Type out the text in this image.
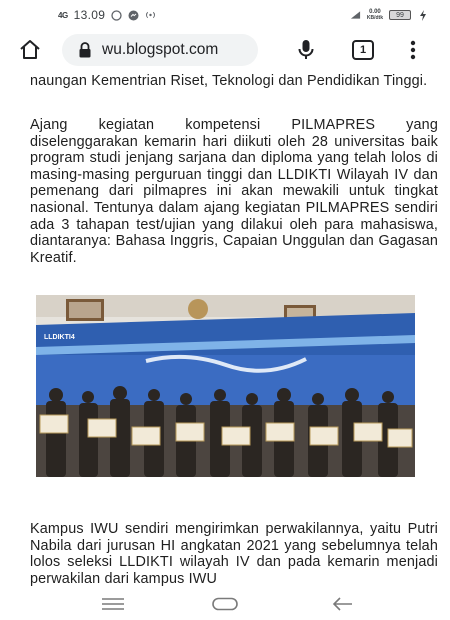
4G 13.09	0.00
KB/dtk	99
wu.blogspot.com	1

naungan Kementrian Riset, Teknologi dan Pendidikan Tinggi.

Ajang kegiatan kompetensi PILMAPRES yang diselenggarakan kemarin hari diikuti oleh 28 universitas baik program studi jenjang sarjana dan diploma yang telah lolos di masing-masing perguruan tinggi dan LLDIKTI Wilayah IV dan pemenang dari pilmapres ini akan mewakili untuk tingkat nasional. Tentunya dalam ajang kegiatan PILMAPRES sendiri ada 3 tahapan test/ujian yang dilakui oleh para mahasiswa, diantaranya: Bahasa Inggris, Capaian Unggulan dan Gagasan Kreatif.

LLDIKTI4

Kampus IWU sendiri mengirimkan perwakilannya, yaitu Putri Nabila dari jurusan HI angkatan 2021 yang sebelumnya telah lolos seleksi LLDIKTI wilayah IV dan pada kemarin menjadi perwakilan dari kampus IWU
